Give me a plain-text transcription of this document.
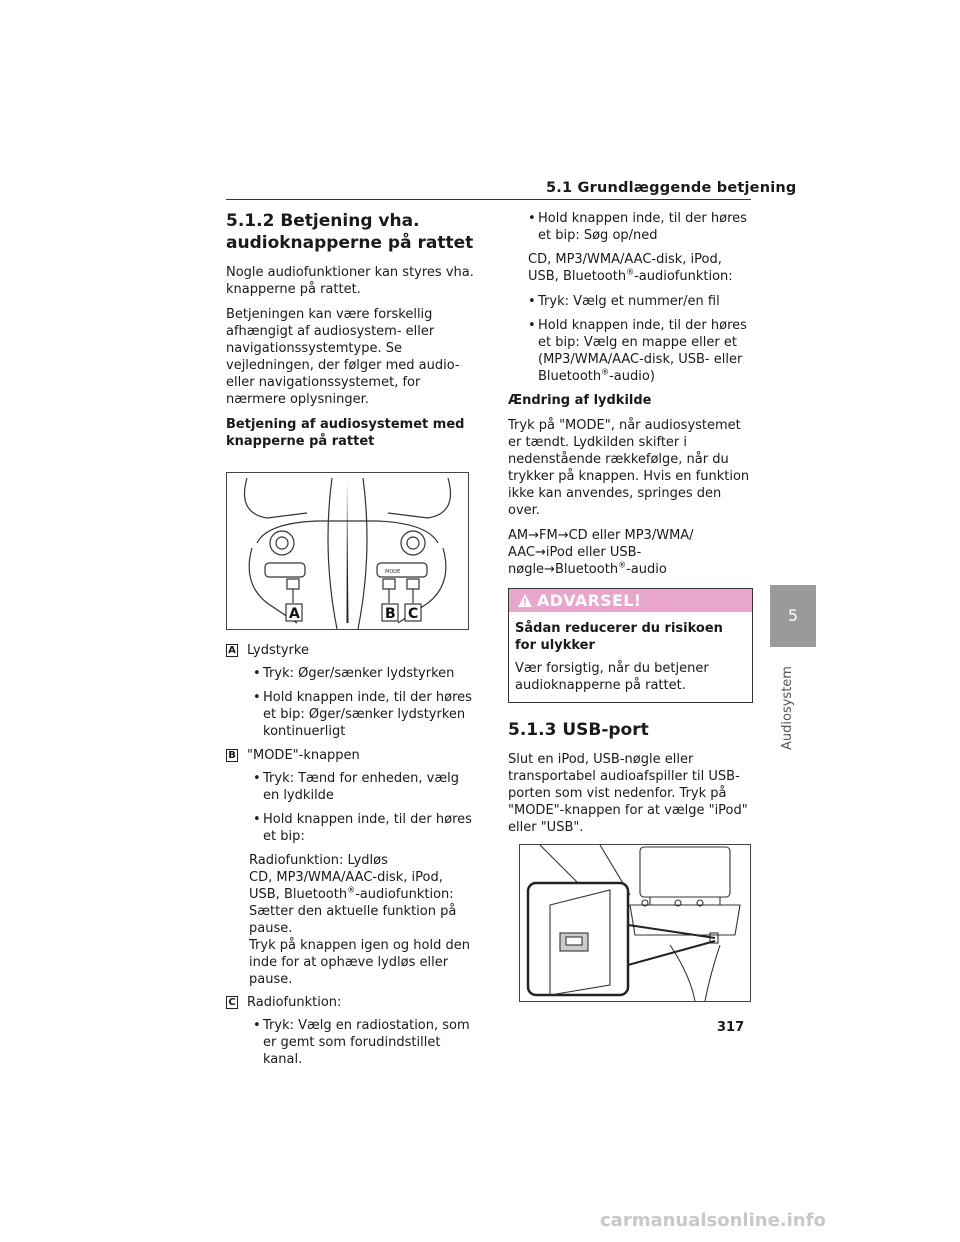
5.1 Grundlæggende betjening
5.1.2 Betjening vha. audioknapperne på rattet

Nogle audiofunktioner kan styres vha. knapperne på rattet.

Betjeningen kan være forskellig afhængigt af audiosystem- eller navigationssystemtype. Se vejledningen, der følger med audio- eller navigationssystemet, for nærmere oplysninger.

Betjening af audiosystemet med knapperne på rattet

MODE
A	B C
A Lydstyrke
• Tryk: Øger/sænker lydstyrken
• Hold knappen inde, til der høres et bip: Øger/sænker lydstyrken kontinuerligt
B "MODE"-knappen
• Tryk: Tænd for enheden, vælg en lydkilde
• Hold knappen inde, til der høres et bip:
Radiofunktion: Lydløs
CD, MP3/WMA/AAC-disk, iPod, USB, Bluetooth®-audiofunktion: Sætter den aktuelle funktion på pause.
Tryk på knappen igen og hold den inde for at ophæve lydløs eller pause.
C Radiofunktion:
• Tryk: Vælg en radiostation, som er gemt som forudindstillet kanal.
• Hold knappen inde, til der høres et bip: Søg op/ned
CD, MP3/WMA/AAC-disk, iPod, USB, Bluetooth®-audiofunktion:
• Tryk: Vælg et nummer/en fil
• Hold knappen inde, til der høres et bip: Vælg en mappe eller et (MP3/WMA/AAC-disk, USB- eller Bluetooth®-audio)

Ændring af lydkilde

Tryk på "MODE", når audiosystemet er tændt. Lydkilden skifter i nedenstående rækkefølge, når du trykker på knappen. Hvis en funktion ikke kan anvendes, springes den over.

AM→FM→CD eller MP3/WMA/ AAC→iPod eller USB-nøgle→Bluetooth®-audio

ADVARSEL!

Sådan reducerer du risikoen for ulykker

Vær forsigtig, når du betjener audioknapperne på rattet.

5.1.3 USB-port

Slut en iPod, USB-nøgle eller transportabel audioafspiller til USB-porten som vist nedenfor. Tryk på "MODE"-knappen for at vælge "iPod" eller "USB".

5
Audiosystem
317
carmanualsonline.info
